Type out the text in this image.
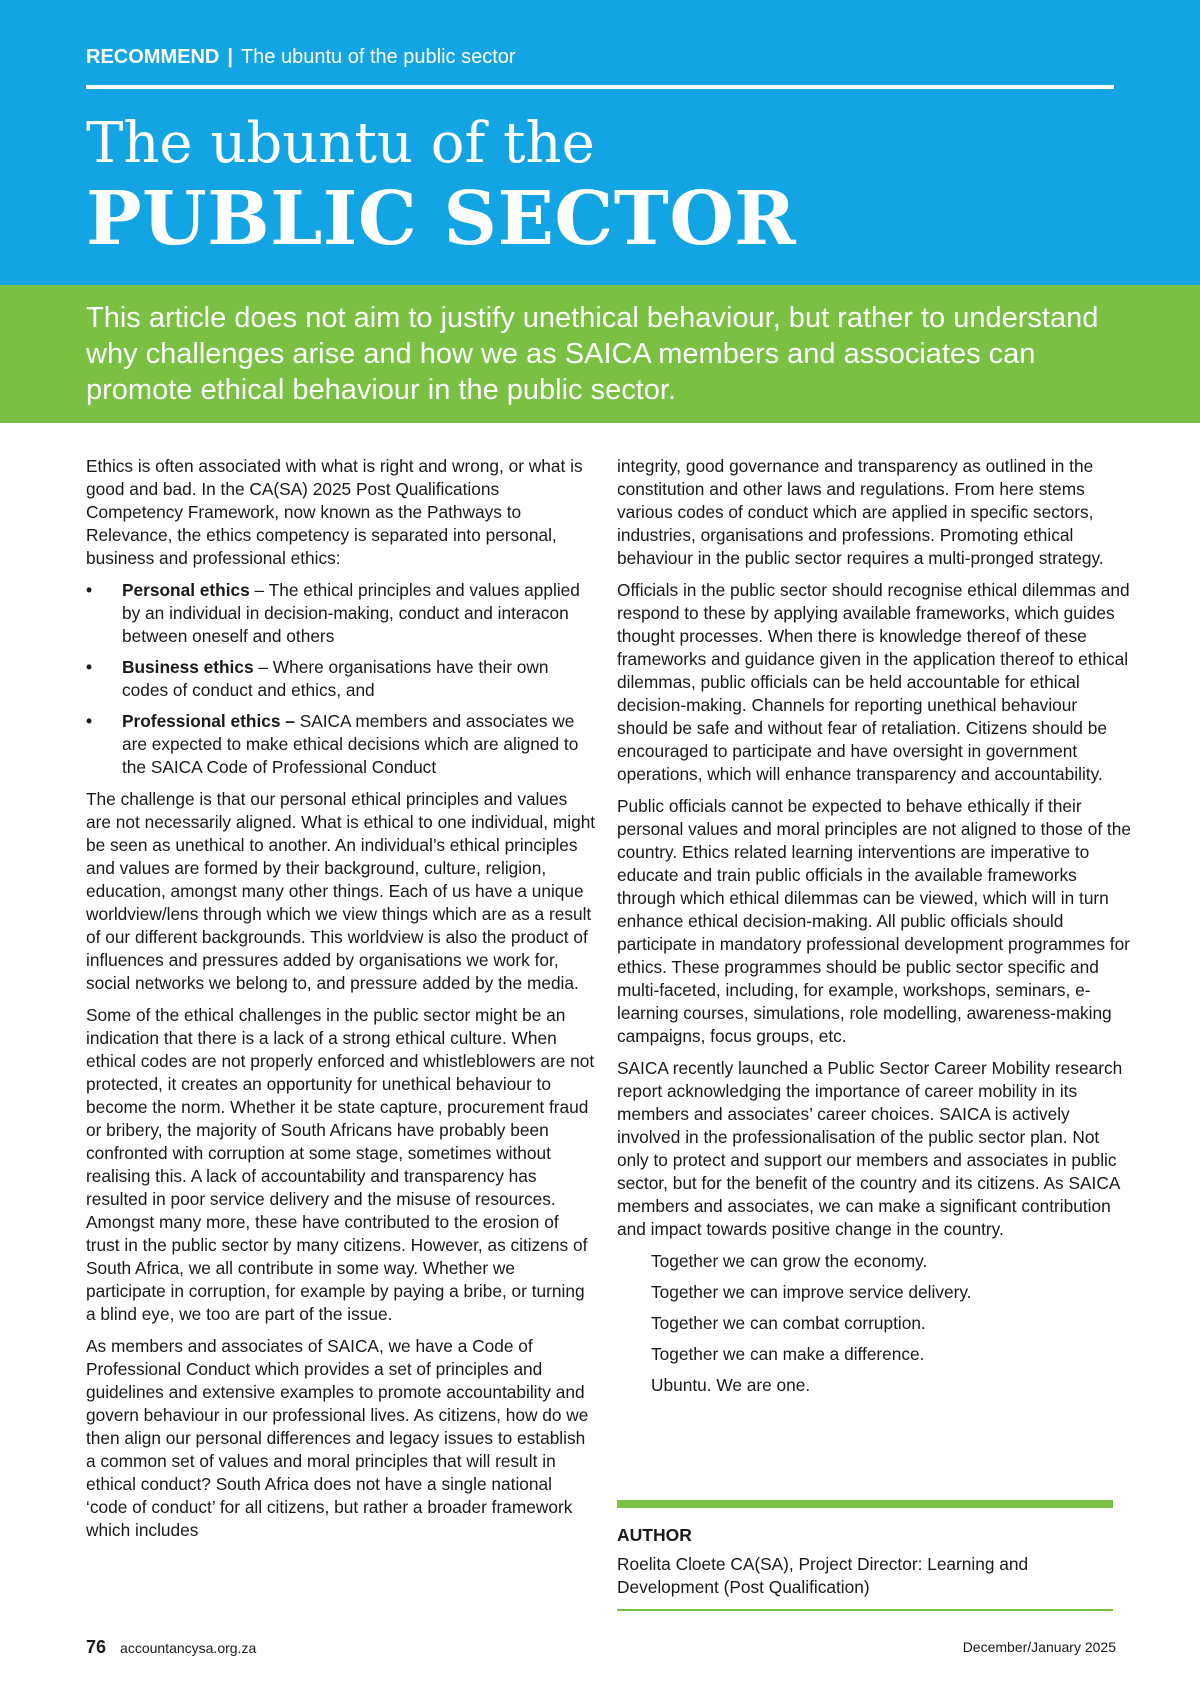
RECOMMEND | The ubuntu of the public sector
The ubuntu of the
PUBLIC SECTOR
This article does not aim to justify unethical behaviour, but rather to understand why challenges arise and how we as SAICA members and associates can promote ethical behaviour in the public sector.

Ethics is often associated with what is right and wrong, or what is good and bad. In the CA(SA) 2025 Post Qualifications Competency Framework, now known as the Pathways to Relevance, the ethics competency is separated into personal, business and professional ethics:

• Personal ethics – The ethical principles and values applied by an individual in decision-making, conduct and interacon between oneself and others
• Business ethics – Where organisations have their own codes of conduct and ethics, and
• Professional ethics – SAICA members and associates we are expected to make ethical decisions which are aligned to the SAICA Code of Professional Conduct

The challenge is that our personal ethical principles and values are not necessarily aligned. What is ethical to one individual, might be seen as unethical to another. An individual’s ethical principles and values are formed by their background, culture, religion, education, amongst many other things. Each of us have a unique worldview/lens through which we view things which are as a result of our different backgrounds. This worldview is also the product of influences and pressures added by organisations we work for, social networks we belong to, and pressure added by the media.

Some of the ethical challenges in the public sector might be an indication that there is a lack of a strong ethical culture. When ethical codes are not properly enforced and whistleblowers are not protected, it creates an opportunity for unethical behaviour to become the norm. Whether it be state capture, procurement fraud or bribery, the majority of South Africans have probably been confronted with corruption at some stage, sometimes without realising this. A lack of accountability and transparency has resulted in poor service delivery and the misuse of resources. Amongst many more, these have contributed to the erosion of trust in the public sector by many citizens. However, as citizens of South Africa, we all contribute in some way. Whether we participate in corruption, for example by paying a bribe, or turning a blind eye, we too are part of the issue.

As members and associates of SAICA, we have a Code of Professional Conduct which provides a set of principles and guidelines and extensive examples to promote accountability and govern behaviour in our professional lives. As citizens, how do we then align our personal differences and legacy issues to establish a common set of values and moral principles that will result in ethical conduct? South Africa does not have a single national ‘code of conduct’ for all citizens, but rather a broader framework which includes

integrity, good governance and transparency as outlined in the constitution and other laws and regulations. From here stems various codes of conduct which are applied in specific sectors, industries, organisations and professions. Promoting ethical behaviour in the public sector requires a multi-pronged strategy.

Officials in the public sector should recognise ethical dilemmas and respond to these by applying available frameworks, which guides thought processes. When there is knowledge thereof of these frameworks and guidance given in the application thereof to ethical dilemmas, public officials can be held accountable for ethical decision-making. Channels for reporting unethical behaviour should be safe and without fear of retaliation. Citizens should be encouraged to participate and have oversight in government operations, which will enhance transparency and accountability.

Public officials cannot be expected to behave ethically if their personal values and moral principles are not aligned to those of the country. Ethics related learning interventions are imperative to educate and train public officials in the available frameworks through which ethical dilemmas can be viewed, which will in turn enhance ethical decision-making. All public officials should participate in mandatory professional development programmes for ethics. These programmes should be public sector specific and multi-faceted, including, for example, workshops, seminars, e-learning courses, simulations, role modelling, awareness-making campaigns, focus groups, etc.

SAICA recently launched a Public Sector Career Mobility research report acknowledging the importance of career mobility in its members and associates’ career choices. SAICA is actively involved in the professionalisation of the public sector plan. Not only to protect and support our members and associates in public sector, but for the benefit of the country and its citizens. As SAICA members and associates, we can make a significant contribution and impact towards positive change in the country.

Together we can grow the economy.

Together we can improve service delivery.

Together we can combat corruption.

Together we can make a difference.

Ubuntu. We are one.

AUTHOR
Roelita Cloete CA(SA), Project Director: Learning and Development (Post Qualification)
76 accountancysa.org.za	December/January 2025
